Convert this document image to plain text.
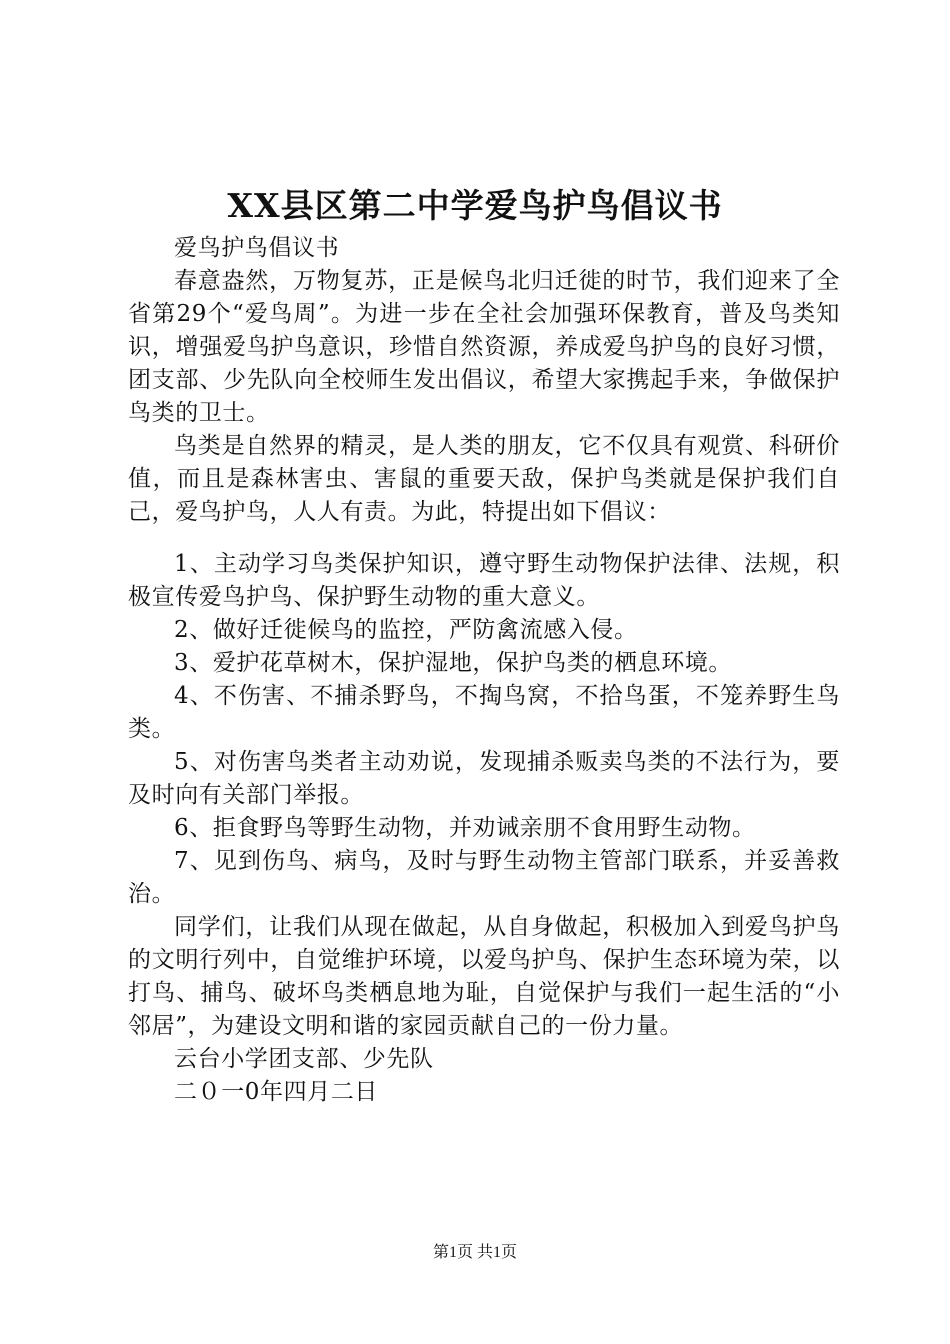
XX县区第二中学爱鸟护鸟倡议书

爱鸟护鸟倡议书

春意盎然，万物复苏，正是候鸟北归迁徙的时节，我们迎来了全省第29个“爱鸟周”。为进一步在全社会加强环保教育，普及鸟类知识，增强爱鸟护鸟意识，珍惜自然资源，养成爱鸟护鸟的良好习惯，团支部、少先队向全校师生发出倡议，希望大家携起手来，争做保护鸟类的卫士。

鸟类是自然界的精灵，是人类的朋友，它不仅具有观赏、科研价值，而且是森林害虫、害鼠的重要天敌，保护鸟类就是保护我们自己，爱鸟护鸟，人人有责。为此，特提出如下倡议：

1、主动学习鸟类保护知识，遵守野生动物保护法律、法规，积极宣传爱鸟护鸟、保护野生动物的重大意义。

2、做好迁徙候鸟的监控，严防禽流感入侵。

3、爱护花草树木，保护湿地，保护鸟类的栖息环境。

4、不伤害、不捕杀野鸟，不掏鸟窝，不拾鸟蛋，不笼养野生鸟类。

5、对伤害鸟类者主动劝说，发现捕杀贩卖鸟类的不法行为，要及时向有关部门举报。

6、拒食野鸟等野生动物，并劝诫亲朋不食用野生动物。

7、见到伤鸟、病鸟，及时与野生动物主管部门联系，并妥善救治。

同学们，让我们从现在做起，从自身做起，积极加入到爱鸟护鸟的文明行列中，自觉维护环境，以爱鸟护鸟、保护生态环境为荣，以打鸟、捕鸟、破坏鸟类栖息地为耻，自觉保护与我们一起生活的“小邻居”，为建设文明和谐的家园贡献自己的一份力量。

云台小学团支部、少先队

二０一0年四月二日

第1页 共1页
